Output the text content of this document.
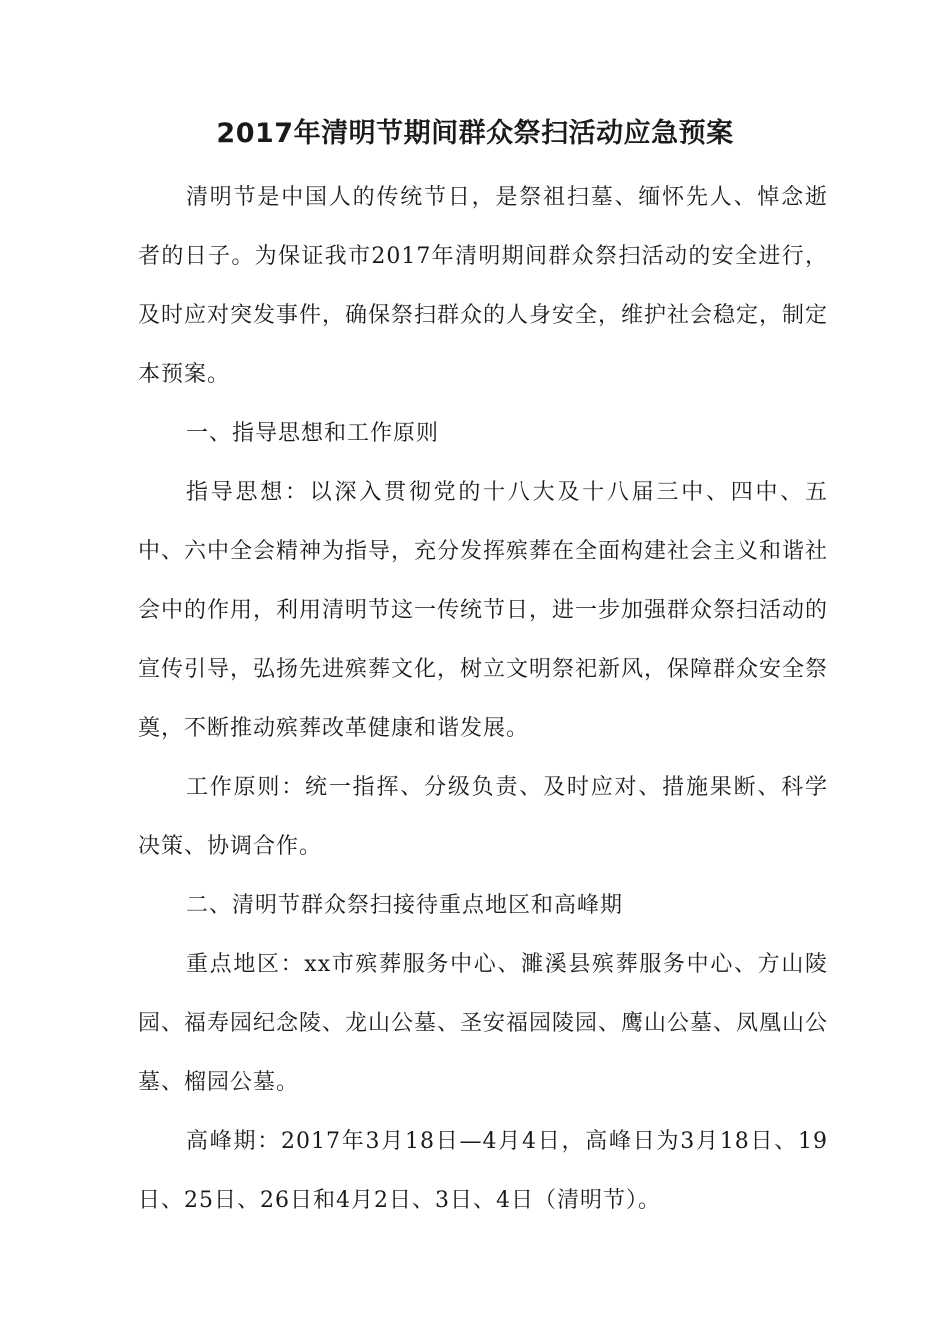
2017年清明节期间群众祭扫活动应急预案

清明节是中国人的传统节日，是祭祖扫墓、缅怀先人、悼念逝者的日子。为保证我市2017年清明期间群众祭扫活动的安全进行，及时应对突发事件，确保祭扫群众的人身安全，维护社会稳定，制定本预案。

一、指导思想和工作原则

指导思想：以深入贯彻党的十八大及十八届三中、四中、五中、六中全会精神为指导，充分发挥殡葬在全面构建社会主义和谐社会中的作用，利用清明节这一传统节日，进一步加强群众祭扫活动的宣传引导，弘扬先进殡葬文化，树立文明祭祀新风，保障群众安全祭奠，不断推动殡葬改革健康和谐发展。

工作原则：统一指挥、分级负责、及时应对、措施果断、科学决策、协调合作。

二、清明节群众祭扫接待重点地区和高峰期

重点地区：xx市殡葬服务中心、濉溪县殡葬服务中心、方山陵园、福寿园纪念陵、龙山公墓、圣安福园陵园、鹰山公墓、凤凰山公墓、榴园公墓。

高峰期：2017年3月18日—4月4日，高峰日为3月18日、19日、25日、26日和4月2日、3日、4日（清明节）。
